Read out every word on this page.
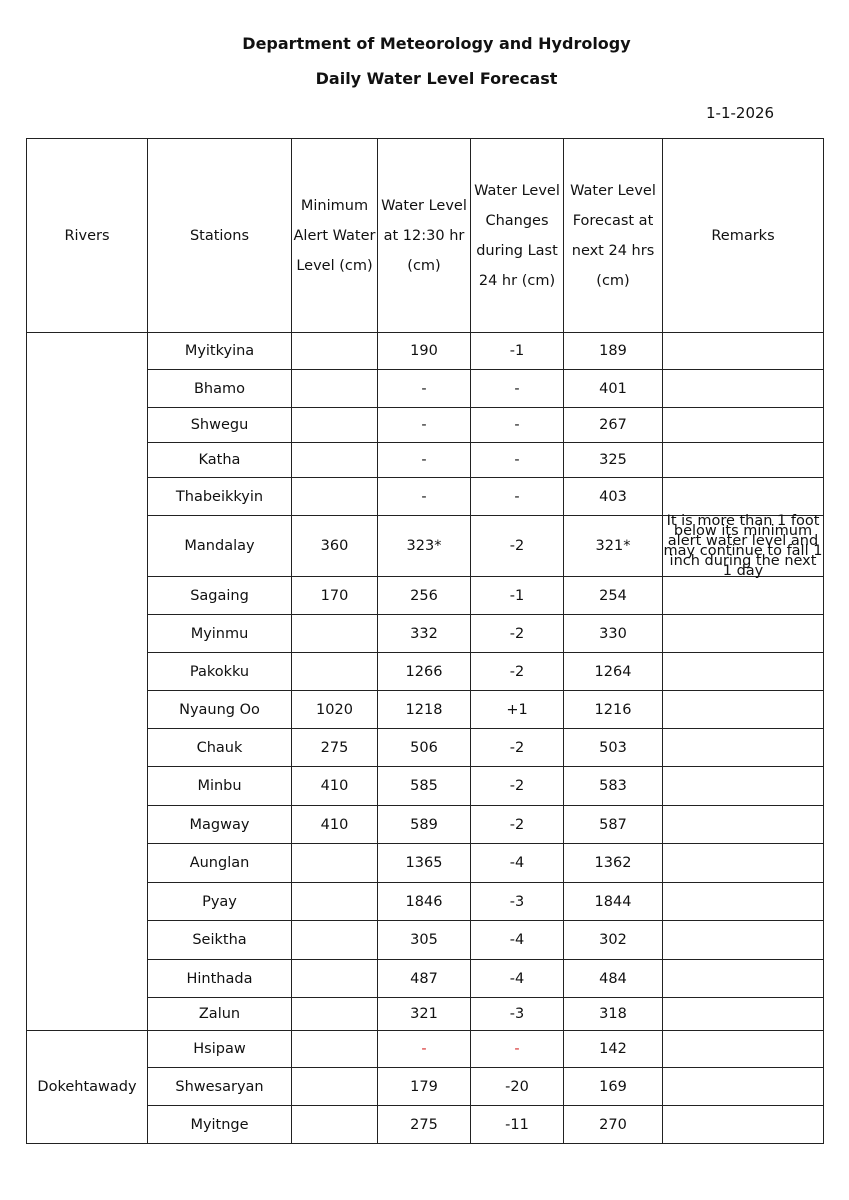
Department of Meteorology and Hydrology
Daily Water Level Forecast
1-1-2026
Rivers	Stations	Minimum Alert Water Level (cm)	Water Level at 12:30 hr (cm)	Water Level Changes during Last 24 hr (cm)	Water Level Forecast at next 24 hrs (cm)	Remarks
	Myitkyina		190	-1	189	
	Bhamo		-	-	401	
	Shwegu		-	-	267	
	Katha		-	-	325	
	Thabeikkyin		-	-	403	
	Mandalay	360	323*	-2	321*	It is more than 1 foot below its minimum alert water level and may continue to fall 1 inch during the next 1 day
	Sagaing	170	256	-1	254	
	Myinmu		332	-2	330	
	Pakokku		1266	-2	1264	
	Nyaung Oo	1020	1218	+1	1216	
	Chauk	275	506	-2	503	
	Minbu	410	585	-2	583	
	Magway	410	589	-2	587	
	Aunglan		1365	-4	1362	
	Pyay		1846	-3	1844	
	Seiktha		305	-4	302	
	Hinthada		487	-4	484	
	Zalun		321	-3	318	
Dokehtawady	Hsipaw		-	-	142	
	Shwesaryan		179	-20	169	
	Myitnge		275	-11	270	
